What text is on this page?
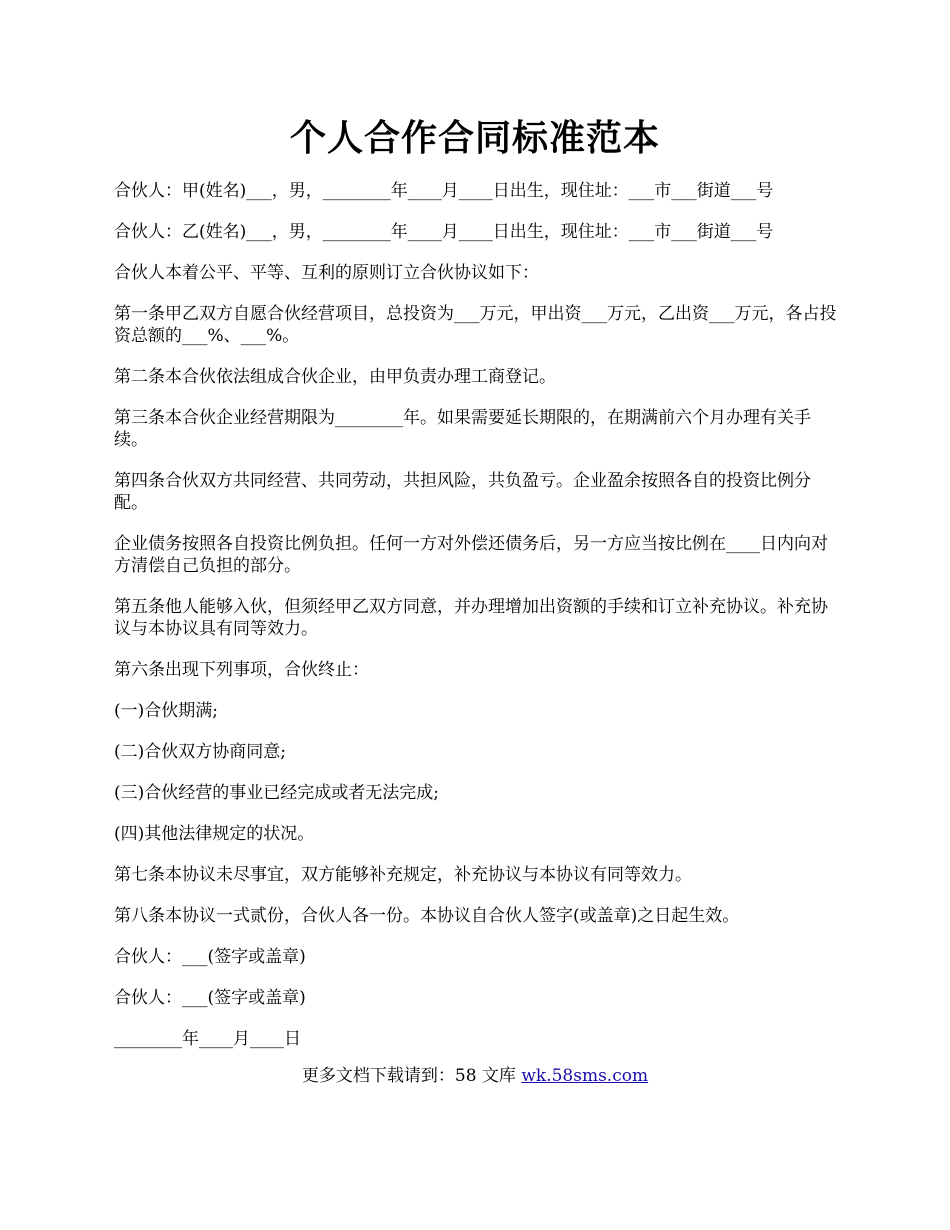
个人合作合同标准范本

合伙人：甲(姓名)___，男，________年____月____日出生，现住址：___市___街道___号

合伙人：乙(姓名)___，男，________年____月____日出生，现住址：___市___街道___号

合伙人本着公平、平等、互利的原则订立合伙协议如下：

第一条甲乙双方自愿合伙经营项目，总投资为___万元，甲出资___万元，乙出资___万元，各占投资总额的___%、___%。

第二条本合伙依法组成合伙企业，由甲负责办理工商登记。

第三条本合伙企业经营期限为________年。如果需要延长期限的，在期满前六个月办理有关手续。

第四条合伙双方共同经营、共同劳动，共担风险，共负盈亏。企业盈余按照各自的投资比例分配。

企业债务按照各自投资比例负担。任何一方对外偿还债务后，另一方应当按比例在____日内向对方清偿自己负担的部分。

第五条他人能够入伙，但须经甲乙双方同意，并办理增加出资额的手续和订立补充协议。补充协议与本协议具有同等效力。

第六条出现下列事项，合伙终止：

(一)合伙期满;

(二)合伙双方协商同意;

(三)合伙经营的事业已经完成或者无法完成;

(四)其他法律规定的状况。

第七条本协议未尽事宜，双方能够补充规定，补充协议与本协议有同等效力。

第八条本协议一式贰份，合伙人各一份。本协议自合伙人签字(或盖章)之日起生效。

合伙人：___(签字或盖章)

合伙人：___(签字或盖章)

________年____月____日

更多文档下载请到：58 文库 wk.58sms.com
